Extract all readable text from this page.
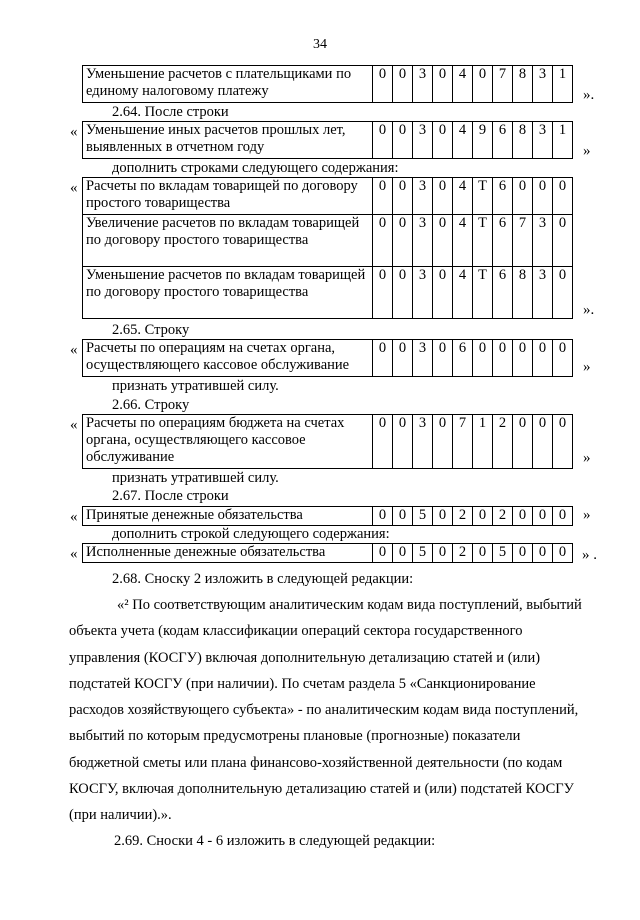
34
Уменьшение расчетов с плательщиками по единому налоговому платежу	0	0	3	0	4	0	7	8	3	1
».
2.64. После строки
« Уменьшение иных расчетов прошлых лет, выявленных в отчетном году	0	0	3	0	4	9	6	8	3	1
»
дополнить строками следующего содержания:
« Расчеты по вкладам товарищей по договору простого товарищества	0	0	3	0	4	Т	6	0	0	0
Увеличение расчетов по вкладам товарищей по договору простого товарищества	0	0	3	0	4	Т	6	7	3	0
Уменьшение расчетов по вкладам товарищей по договору простого товарищества	0	0	3	0	4	Т	6	8	3	0
».
2.65. Строку
« Расчеты по операциям на счетах органа, осуществляющего кассовое обслуживание	0	0	3	0	6	0	0	0	0	0
»
признать утратившей силу.
2.66. Строку
« Расчеты по операциям бюджета на счетах органа, осуществляющего кассовое обслуживание	0	0	3	0	7	1	2	0	0	0
»
признать утратившей силу.
2.67. После строки
« Принятые денежные обязательства	0	0	5	0	2	0	2	0	0	0 »
дополнить строкой следующего содержания:
« Исполненные денежные обязательства	0	0	5	0	2	0	5	0	0	0 » .
2.68. Сноску 2 изложить в следующей редакции:
«² По соответствующим аналитическим кодам вида поступлений, выбытий
объекта учета (кодам классификации операций сектора государственного
управления (КОСГУ) включая дополнительную детализацию статей и (или)
подстатей КОСГУ (при наличии). По счетам раздела 5 «Санкционирование
расходов хозяйствующего субъекта» - по аналитическим кодам вида поступлений,
выбытий по которым предусмотрены плановые (прогнозные) показатели
бюджетной сметы или плана финансово-хозяйственной деятельности (по кодам
КОСГУ, включая дополнительную детализацию статей и (или) подстатей КОСГУ
(при наличии).».
2.69. Сноски 4 - 6 изложить в следующей редакции:
